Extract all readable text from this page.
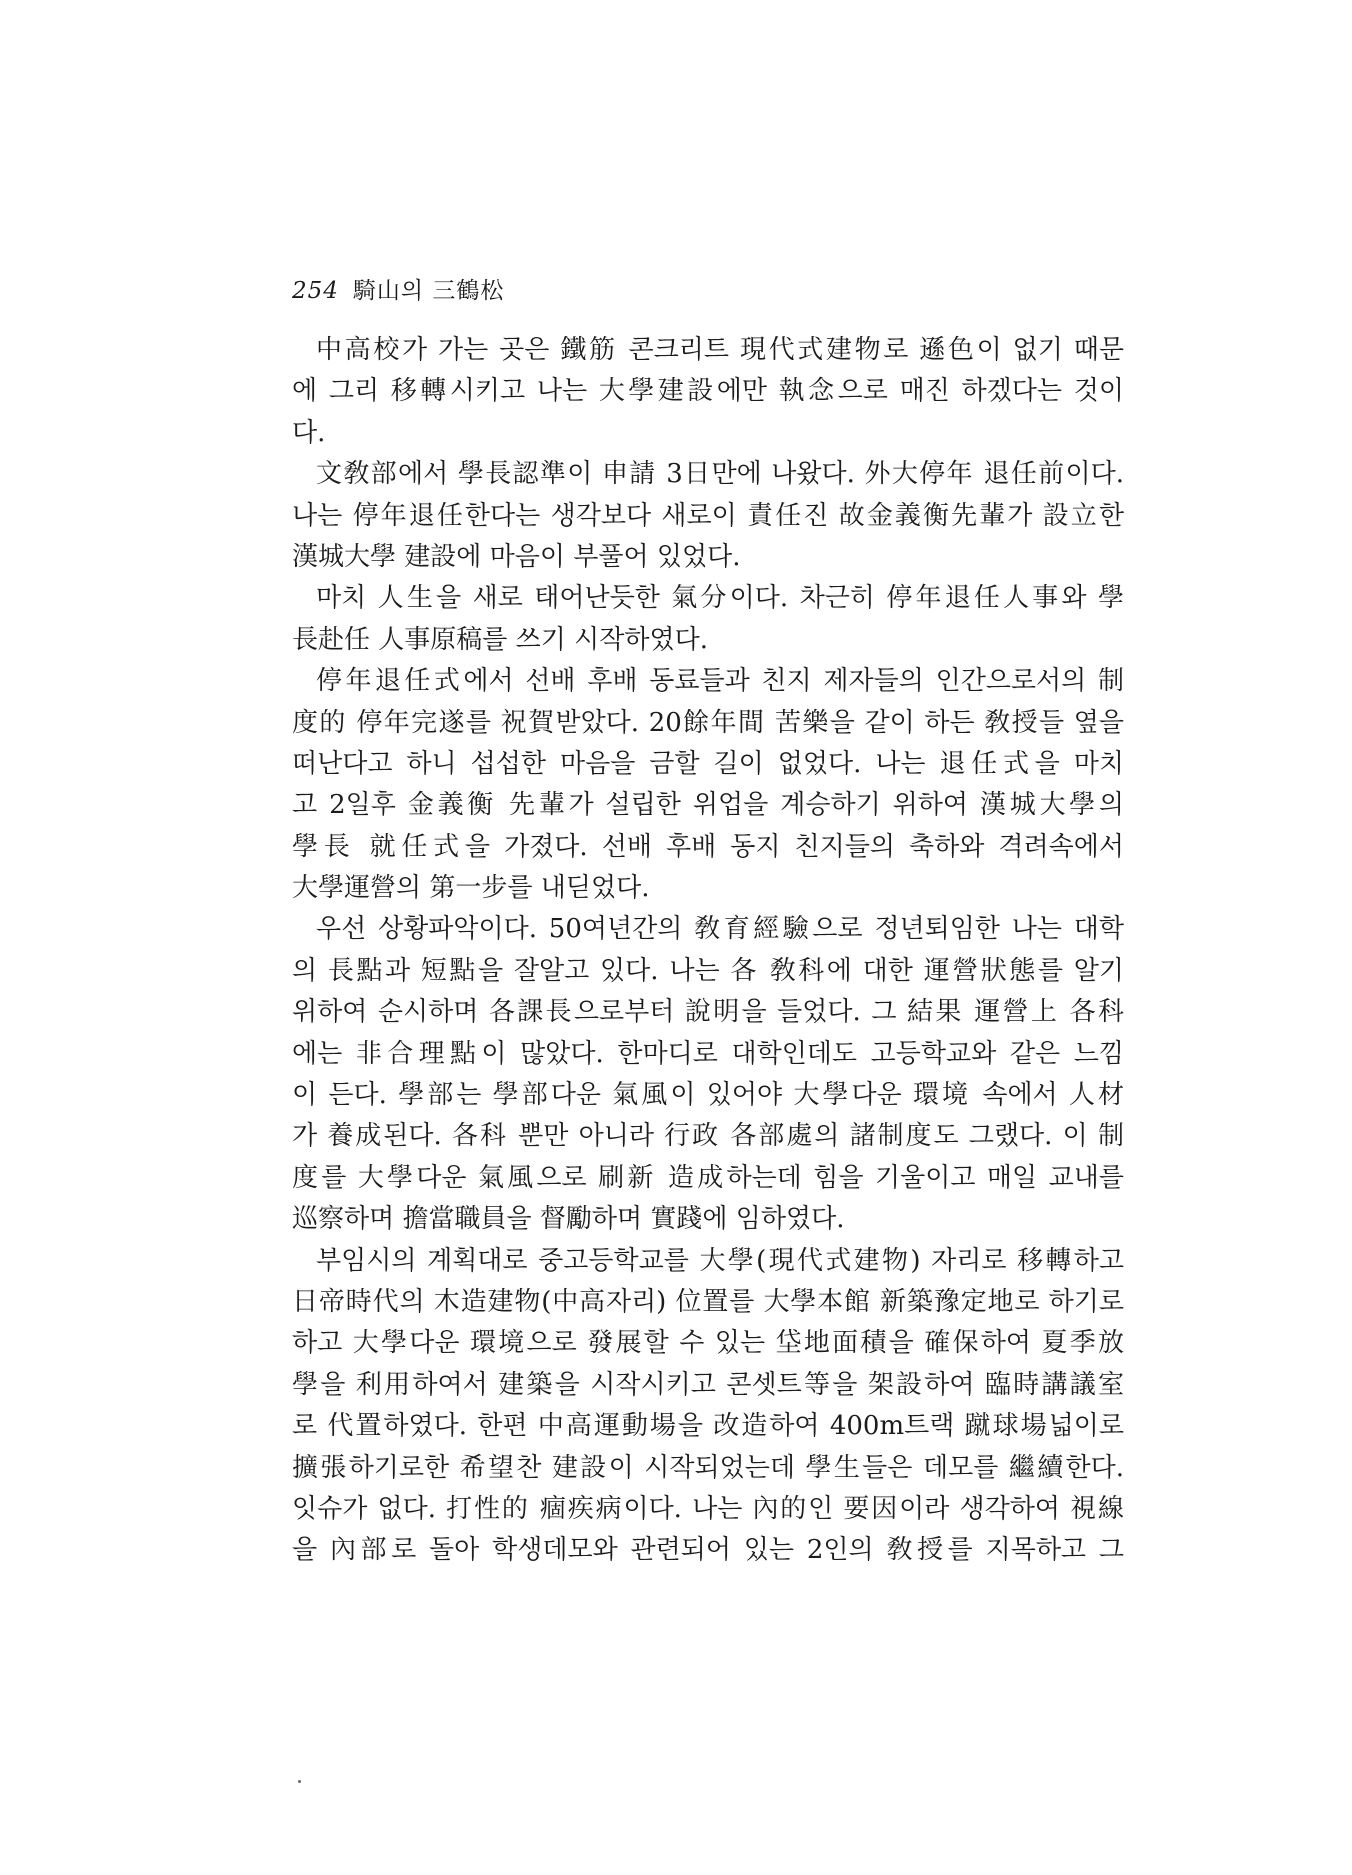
254 騎山의 三鶴松
中高校가 가는 곳은 鐵筋 콘크리트 現代式建物로 遜色이 없기 때문
에 그리 移轉시키고 나는 大學建設에만 執念으로 매진 하겠다는 것이
다.
文敎部에서 學長認準이 申請 3日만에 나왔다. 外大停年 退任前이다.
나는 停年退任한다는 생각보다 새로이 責任진 故金義衡先輩가 設立한
漢城大學 建設에 마음이 부풀어 있었다.
마치 人生을 새로 태어난듯한 氣分이다. 차근히 停年退任人事와 學
長赴任 人事原稿를 쓰기 시작하였다.
停年退任式에서 선배 후배 동료들과 친지 제자들의 인간으로서의 制
度的 停年完遂를 祝賀받았다. 20餘年間 苦樂을 같이 하든 敎授들 옆을
떠난다고 하니 섭섭한 마음을 금할 길이 없었다. 나는 退任式을 마치
고 2일후 金義衡 先輩가 설립한 위업을 계승하기 위하여 漢城大學의
學長 就任式을 가졌다. 선배 후배 동지 친지들의 축하와 격려속에서
大學運營의 第一步를 내딛었다.
우선 상황파악이다. 50여년간의 敎育經驗으로 정년퇴임한 나는 대학
의 長點과 短點을 잘알고 있다. 나는 各 敎科에 대한 運營狀態를 알기
위하여 순시하며 各課長으로부터 說明을 들었다. 그 結果 運營上 各科
에는 非合理點이 많았다. 한마디로 대학인데도 고등학교와 같은 느낌
이 든다. 學部는 學部다운 氣風이 있어야 大學다운 環境 속에서 人材
가 養成된다. 各科 뿐만 아니라 行政 各部處의 諸制度도 그랬다. 이 制
度를 大學다운 氣風으로 刷新 造成하는데 힘을 기울이고 매일 교내를
巡察하며 擔當職員을 督勵하며 實踐에 임하였다.
부임시의 계획대로 중고등학교를 大學(現代式建物) 자리로 移轉하고
日帝時代의 木造建物(中高자리) 位置를 大學本館 新築豫定地로 하기로
하고 大學다운 環境으로 發展할 수 있는 垈地面積을 確保하여 夏季放
學을 利用하여서 建築을 시작시키고 콘셋트等을 架設하여 臨時講議室
로 代置하였다. 한편 中高運動場을 改造하여 400m트랙 蹴球場넓이로
擴張하기로한 希望찬 建設이 시작되었는데 學生들은 데모를 繼續한다.
잇슈가 없다. 打性的 痼疾病이다. 나는 內的인 要因이라 생각하여 視線
을 內部로 돌아 학생데모와 관련되어 있는 2인의 敎授를 지목하고 그
